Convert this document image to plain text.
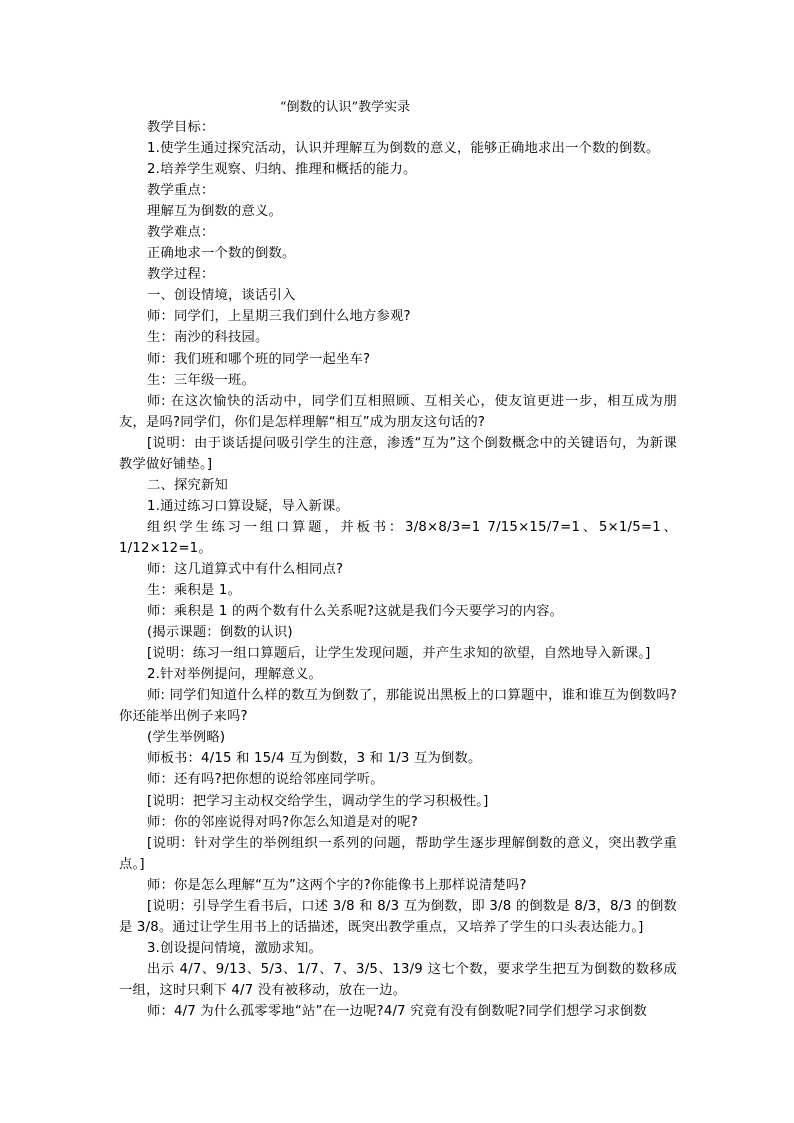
“倒数的认识”教学实录

教学目标：

1.使学生通过探究活动，认识并理解互为倒数的意义，能够正确地求出一个数的倒数。

2.培养学生观察、归纳、推理和概括的能力。

教学重点：

理解互为倒数的意义。

教学难点：

正确地求一个数的倒数。

教学过程：

一、创设情境，谈话引入

师：同学们，上星期三我们到什么地方参观?

生：南沙的科技园。

师：我们班和哪个班的同学一起坐车?

生：三年级一班。

师: 在这次愉快的活动中，同学们互相照顾、互相关心，使友谊更进一步，相互成为朋友，是吗?同学们，你们是怎样理解“相互”成为朋友这句话的?

[说明：由于谈话提问吸引学生的注意，渗透“互为”这个倒数概念中的关键语句，为新课教学做好铺垫。]

二、探究新知

1.通过练习口算设疑，导入新课。

组织学生练习一组口算题，并板书：3/8×8/3=1 7/15×15/7=1、5×1/5=1、1/12×12=1。

师：这几道算式中有什么相同点?

生：乘积是 1。

师：乘积是 1 的两个数有什么关系呢?这就是我们今天要学习的内容。

(揭示课题：倒数的认识)

[说明：练习一组口算题后，让学生发现问题，并产生求知的欲望，自然地导入新课。]

2.针对举例提问，理解意义。

师: 同学们知道什么样的数互为倒数了，那能说出黑板上的口算题中，谁和谁互为倒数吗?你还能举出例子来吗?

(学生举例略)

师板书：4/15 和 15/4 互为倒数，3 和 1/3 互为倒数。

师：还有吗?把你想的说给邻座同学听。

[说明：把学习主动权交给学生，调动学生的学习积极性。]

师：你的邻座说得对吗?你怎么知道是对的呢?

[说明：针对学生的举例组织一系列的问题，帮助学生逐步理解倒数的意义，突出教学重点。]

师：你是怎么理解“互为”这两个字的?你能像书上那样说清楚吗?

[说明：引导学生看书后，口述 3/8 和 8/3 互为倒数，即 3/8 的倒数是 8/3，8/3 的倒数是 3/8。通过让学生用书上的话描述，既突出教学重点，又培养了学生的口头表达能力。]

3.创设提问情境，激励求知。

出示 4/7、9/13、5/3、1/7、7、3/5、13/9 这七个数，要求学生把互为倒数的数移成一组，这时只剩下 4/7 没有被移动，放在一边。

师：4/7 为什么孤零零地“站”在一边呢?4/7 究竟有没有倒数呢?同学们想学习求倒数
